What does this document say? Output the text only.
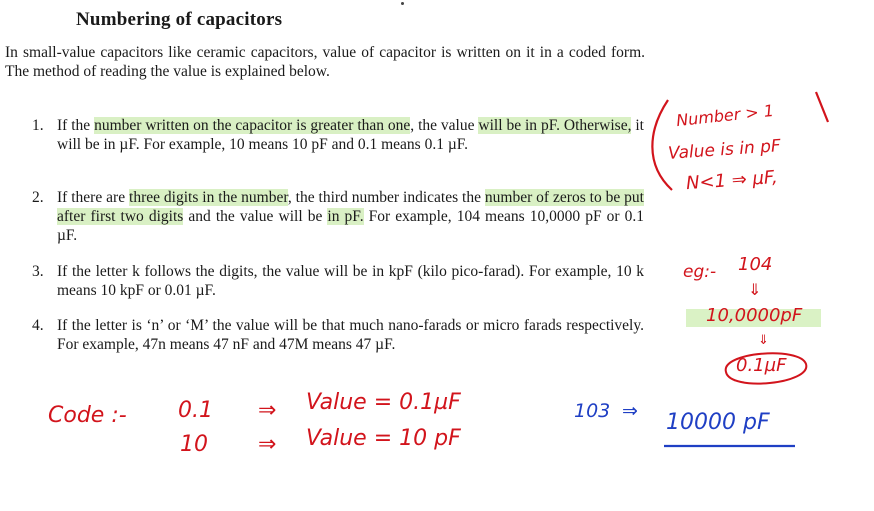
Numbering of capacitors
In small-value capacitors like ceramic capacitors, value of capacitor is written on it in a coded form. The method of reading the value is explained below.
1. If the number written on the capacitor is greater than one, the value will be in pF. Otherwise, it will be in µF. For example, 10 means 10 pF and 0.1 means 0.1 µF.
2. If there are three digits in the number, the third number indicates the number of zeros to be put after first two digits and the value will be in pF. For example, 104 means 10,0000 pF or 0.1 µF.
3. If the letter k follows the digits, the value will be in kpF (kilo pico-farad). For example, 10 k means 10 kpF or 0.01 µF.
4. If the letter is ‘n’ or ‘M’ the value will be that much nano-farads or micro farads respectively. For example, 47n means 47 nF and 47M means 47 µF.
Number > 1
Value is in pF
N<1 ⇒ µF,
eg:- 104
⇓
10,0000pF
⇓
0.1µF
Code :- 0.1 ⇒ Value = 0.1µF
10 ⇒ Value = 10 pF
103 ⇒ 10000 pF
